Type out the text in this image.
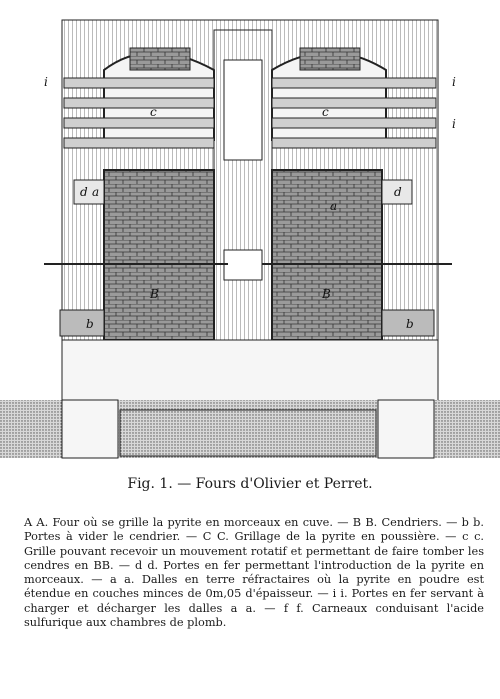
i
c	c
i
i
a
d	d
a
B	B
b	b
Fig. 1. — Fours d'Olivier et Perret.

A A. Four où se grille la pyrite en morceaux en cuve. — B B. Cendriers. — b b. Portes à vider le cendrier. — C C. Grillage de la pyrite en poussière. — c c. Grille pouvant recevoir un mouvement rotatif et permettant de faire tomber les cendres en BB. — d d. Portes en fer permettant l'introduction de la pyrite en morceaux. — a a. Dalles en terre réfractaires où la pyrite en poudre est étendue en couches minces de 0m,05 d'épaisseur. — i i. Portes en fer servant à charger et décharger les dalles a a. — f f. Carneaux conduisant l'acide sulfurique aux chambres de plomb.
